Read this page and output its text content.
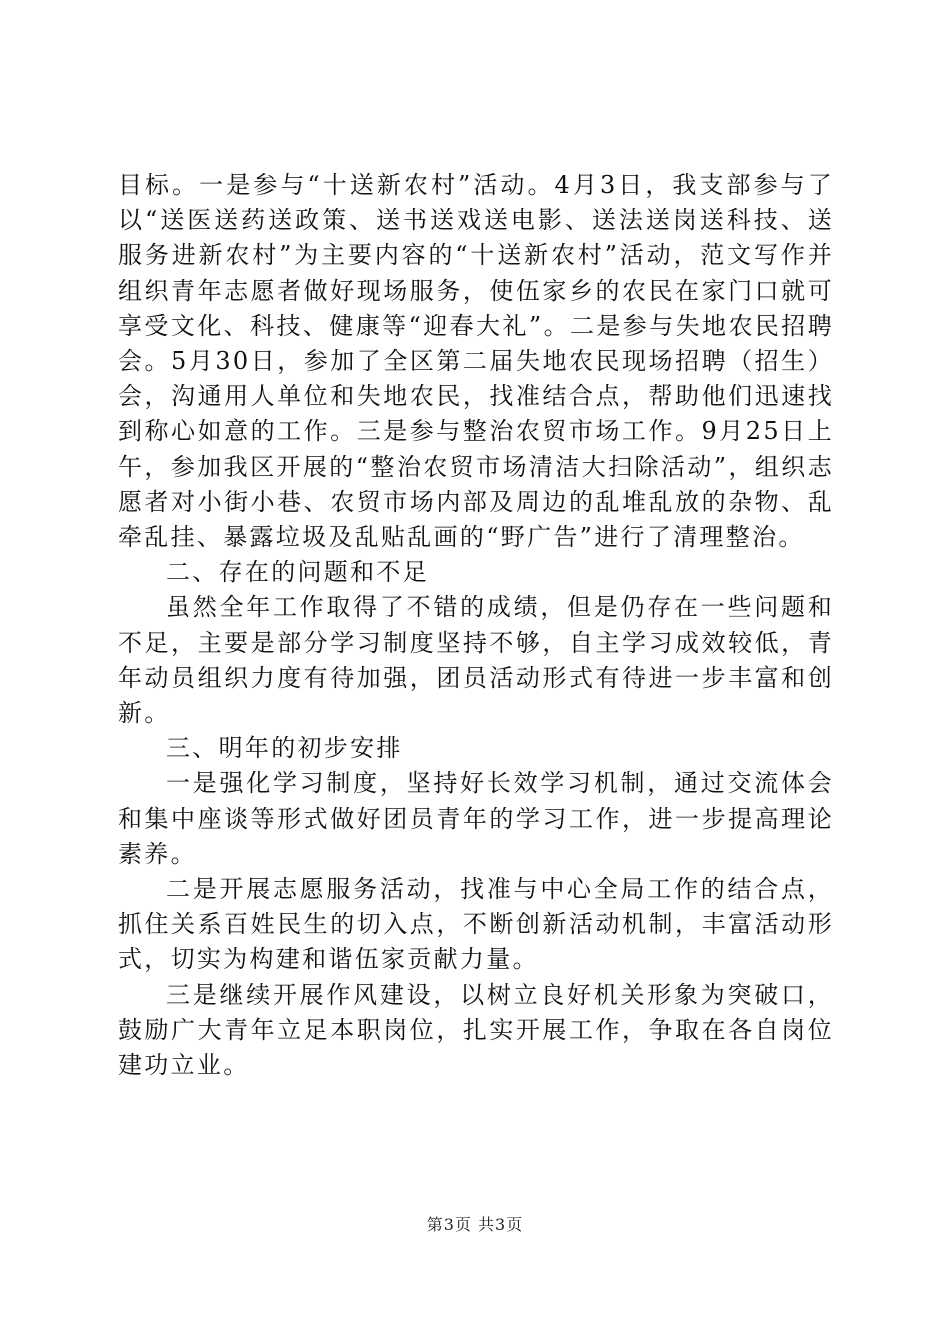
目标。一是参与“十送新农村”活动。4月3日，我支部参与了以“送医送药送政策、送书送戏送电影、送法送岗送科技、送服务进新农村”为主要内容的“十送新农村”活动，范文写作并组织青年志愿者做好现场服务，使伍家乡的农民在家门口就可享受文化、科技、健康等“迎春大礼”。二是参与失地农民招聘会。5月30日，参加了全区第二届失地农民现场招聘（招生）会，沟通用人单位和失地农民，找准结合点，帮助他们迅速找到称心如意的工作。三是参与整治农贸市场工作。9月25日上午，参加我区开展的“整治农贸市场清洁大扫除活动”，组织志愿者对小街小巷、农贸市场内部及周边的乱堆乱放的杂物、乱牵乱挂、暴露垃圾及乱贴乱画的“野广告”进行了清理整治。

二、存在的问题和不足

虽然全年工作取得了不错的成绩，但是仍存在一些问题和不足，主要是部分学习制度坚持不够，自主学习成效较低，青年动员组织力度有待加强，团员活动形式有待进一步丰富和创新。

三、明年的初步安排

一是强化学习制度，坚持好长效学习机制，通过交流体会和集中座谈等形式做好团员青年的学习工作，进一步提高理论素养。

二是开展志愿服务活动，找准与中心全局工作的结合点，抓住关系百姓民生的切入点，不断创新活动机制，丰富活动形式，切实为构建和谐伍家贡献力量。

三是继续开展作风建设，以树立良好机关形象为突破口，鼓励广大青年立足本职岗位，扎实开展工作，争取在各自岗位建功立业。

第3页 共3页
